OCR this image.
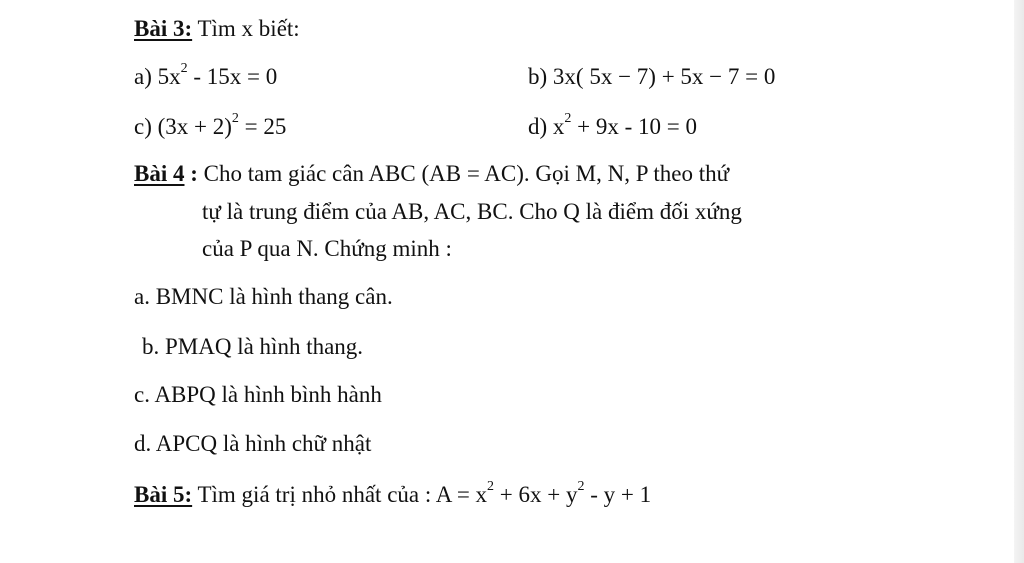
Bài 3: Tìm x biết:
a) $5x^2 - 15x = 0$	b) 3x( 5x − 7) + 5x − 7 = 0
c) $(3x + 2)^2 = 25$	d) $x^2 + 9x - 10 = 0$
Bài 4 : Cho tam giác cân ABC (AB = AC). Gọi M, N, P theo thứ
tự là trung điểm của AB, AC, BC. Cho Q là điểm đối xứng
của P qua N. Chứng minh :
a. BMNC là hình thang cân.
b. PMAQ là hình thang.
c. ABPQ là hình bình hành
d. APCQ là hình chữ nhật
Bài 5: Tìm giá trị nhỏ nhất của : $A = x^2 + 6x + y^2 - y + 1$
